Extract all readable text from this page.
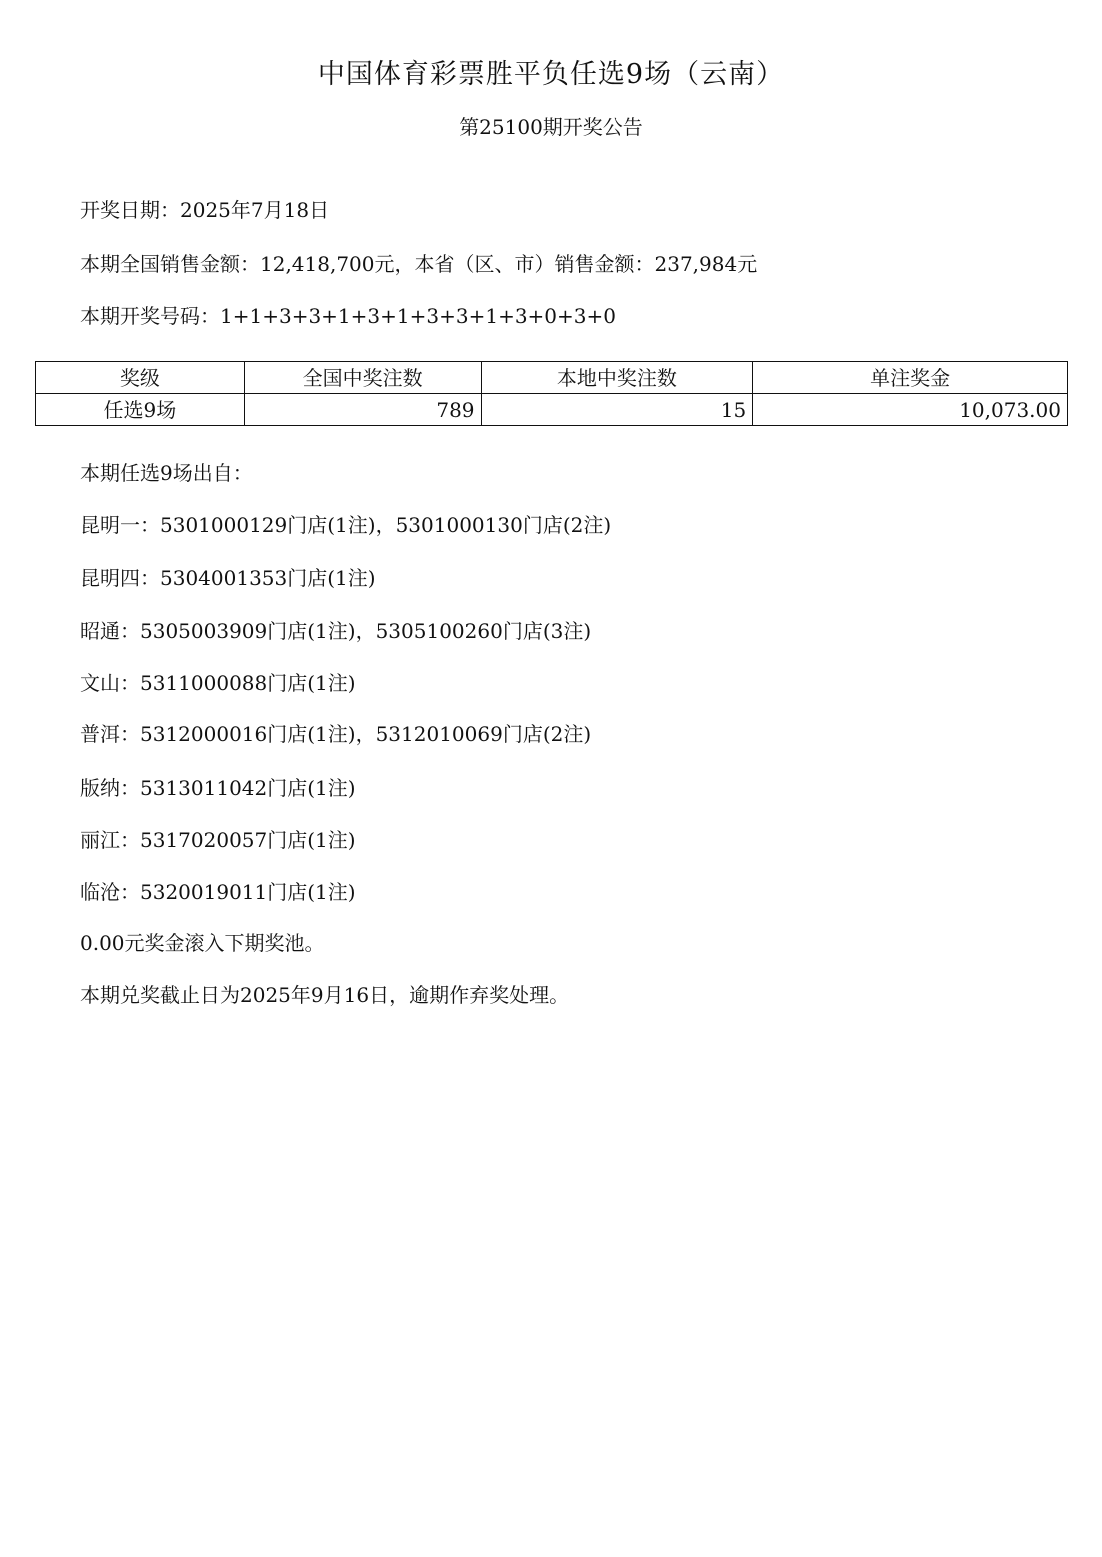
中国体育彩票胜平负任选9场（云南）
第25100期开奖公告
开奖日期：2025年7月18日
本期全国销售金额：12,418,700元，本省（区、市）销售金额：237,984元
本期开奖号码：1+1+3+3+1+3+1+3+3+1+3+0+3+0
奖级	全国中奖注数	本地中奖注数	单注奖金
任选9场	789	15	10,073.00
本期任选9场出自：
昆明一：5301000129门店(1注)，5301000130门店(2注)
昆明四：5304001353门店(1注)
昭通：5305003909门店(1注)，5305100260门店(3注)
文山：5311000088门店(1注)
普洱：5312000016门店(1注)，5312010069门店(2注)
版纳：5313011042门店(1注)
丽江：5317020057门店(1注)
临沧：5320019011门店(1注)
0.00元奖金滚入下期奖池。
本期兑奖截止日为2025年9月16日，逾期作弃奖处理。
